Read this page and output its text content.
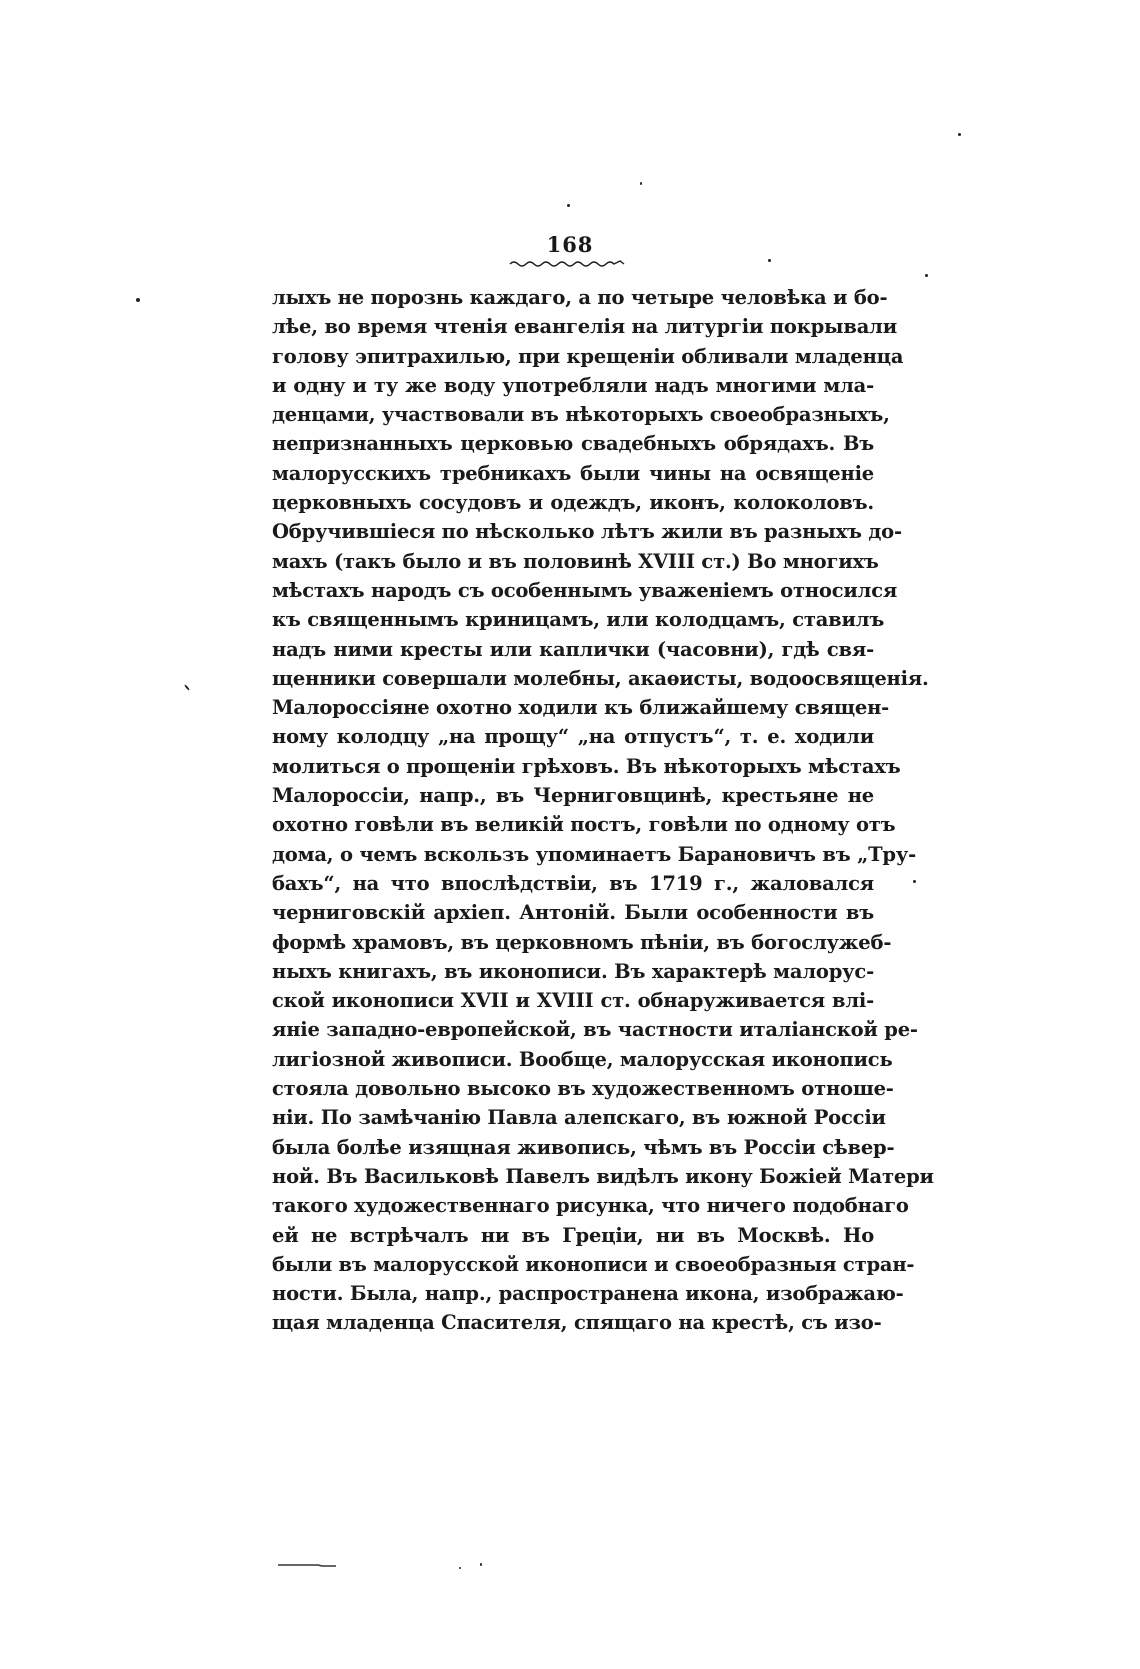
168
лыхъ не порознь каждаго, а по четыре человѣка и бо-
лѣе, во время чтенія евангелія на литургіи покрывали
голову эпитрахилью, при крещеніи обливали младенца
и одну и ту же воду употребляли надъ многими мла-
денцами, участвовали въ нѣкоторыхъ своеобразныхъ,
непризнанныхъ церковью свадебныхъ обрядахъ. Въ
малорусскихъ требникахъ были чины на освященіе
церковныхъ сосудовъ и одеждъ, иконъ, колоколовъ.
Обручившіеся по нѣсколько лѣтъ жили въ разныхъ до-
махъ (такъ было и въ половинѣ XVIII ст.) Во многихъ
мѣстахъ народъ съ особеннымъ уваженіемъ относился
къ священнымъ криницамъ, или колодцамъ, ставилъ
надъ ними кресты или каплички (часовни), гдѣ свя-
щенники совершали молебны, акаѳисты, водоосвященія.
Малороссіяне охотно ходили къ ближайшему священ-
ному колодцу „на прощу“ „на отпустъ“, т. е. ходили
молиться о прощеніи грѣховъ. Въ нѣкоторыхъ мѣстахъ
Малороссіи, напр., въ Черниговщинѣ, крестьяне не
охотно говѣли въ великій постъ, говѣли по одному отъ
дома, о чемъ вскользъ упоминаетъ Барановичъ въ „Тру-
бахъ“, на что впослѣдствіи, въ 1719 г., жаловался
черниговскій архіеп. Антоній. Были особенности въ
формѣ храмовъ, въ церковномъ пѣніи, въ богослужеб-
ныхъ книгахъ, въ иконописи. Въ характерѣ малорус-
ской иконописи XVII и XVIII ст. обнаруживается влі-
яніе западно-европейской, въ частности италіанской ре-
лигіозной живописи. Вообще, малорусская иконопись
стояла довольно высоко въ художественномъ отноше-
ніи. По замѣчанію Павла алепскаго, въ южной Россіи
была болѣе изящная живопись, чѣмъ въ Россіи сѣвер-
ной. Въ Васильковѣ Павелъ видѣлъ икону Божіей Матери
такого художественнаго рисунка, что ничего подобнаго
ей не встрѣчалъ ни въ Греціи, ни въ Москвѣ. Но
были въ малорусской иконописи и своеобразныя стран-
ности. Была, напр., распространена икона, изображаю-
щая младенца Спасителя, спящаго на крестѣ, съ изо-
